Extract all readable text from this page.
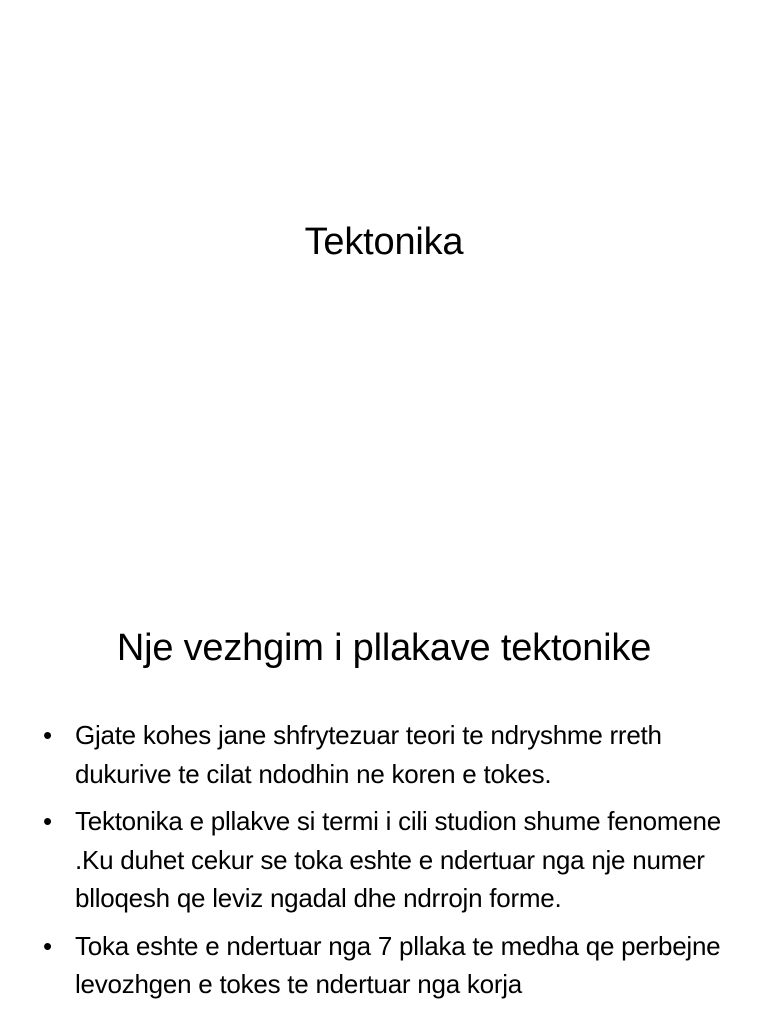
Tektonika
Nje vezhgim i pllakave tektonike
• Gjate kohes jane shfrytezuar teori te ndryshme rreth dukurive te cilat ndodhin ne koren e tokes.
• Tektonika e pllakve si termi i cili studion shume fenomene .Ku duhet cekur se toka eshte e ndertuar nga nje numer blloqesh qe leviz ngadal dhe ndrrojn forme.
• Toka eshte e ndertuar nga 7 pllaka te medha qe perbejne levozhgen e tokes te ndertuar nga korja
